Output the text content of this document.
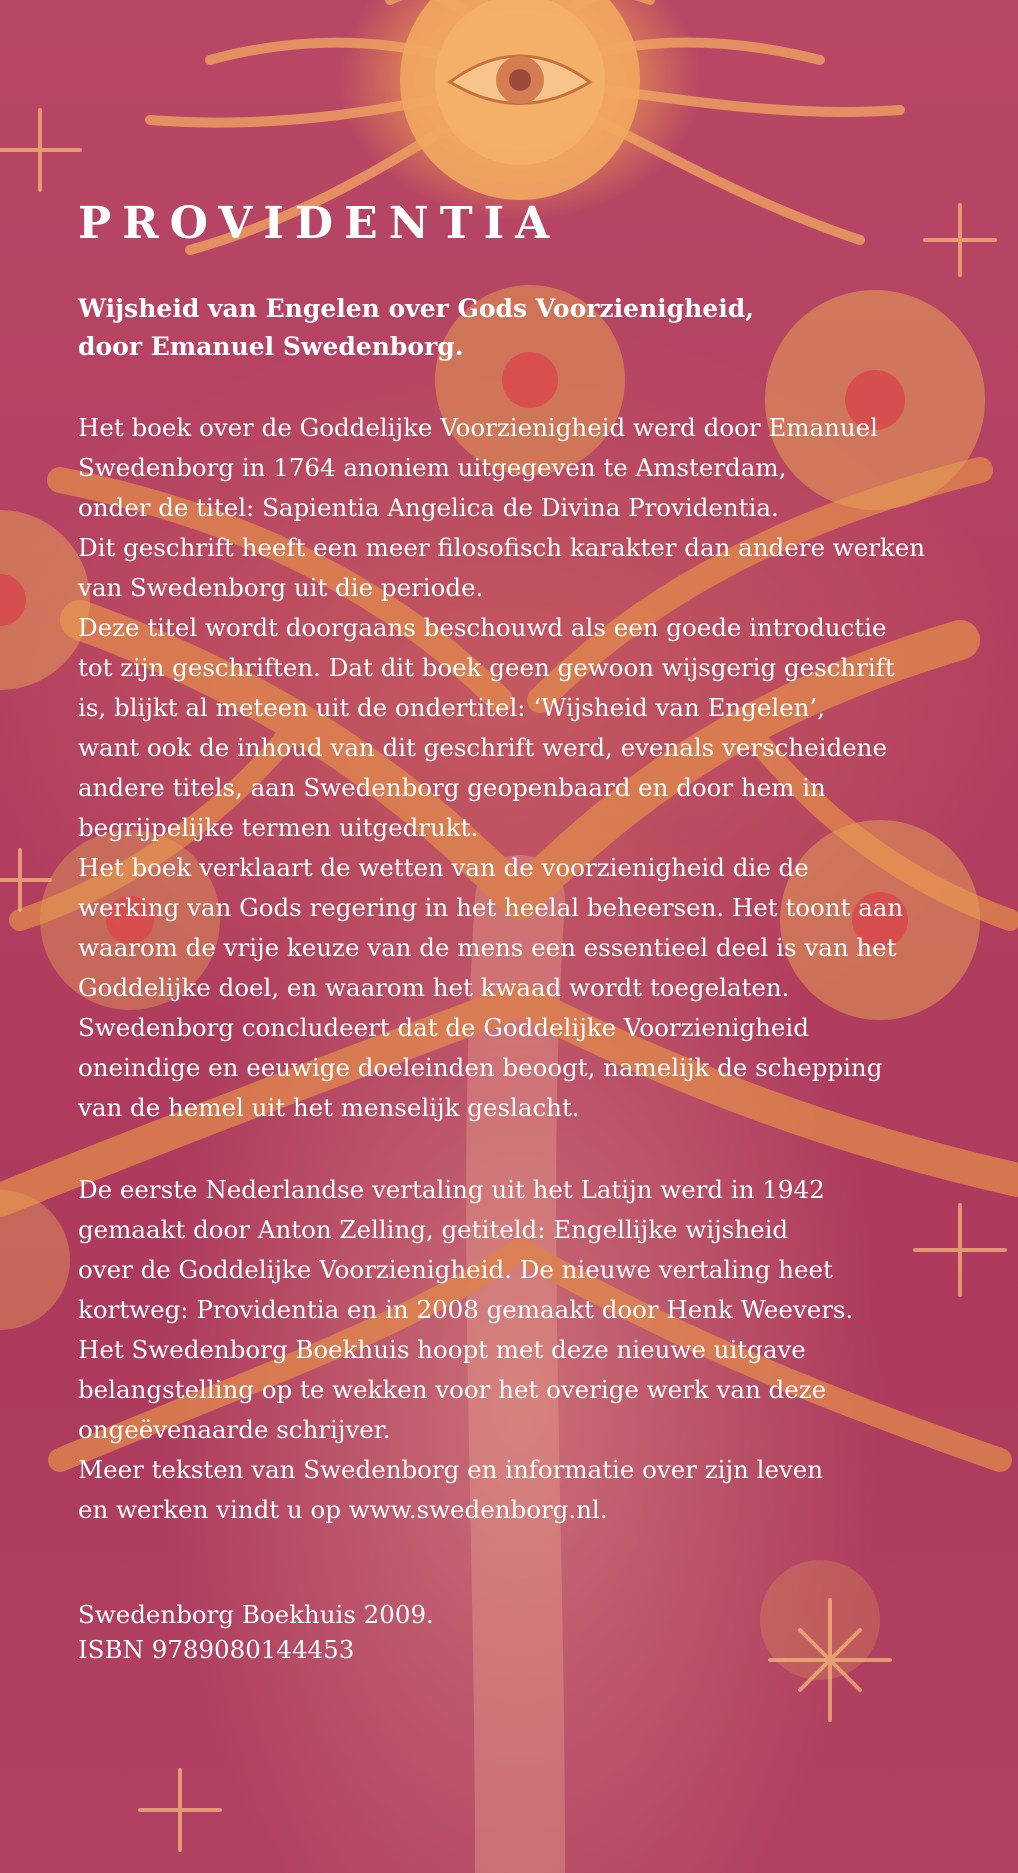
PROVIDENTIA

Wijsheid van Engelen over Gods Voorzienigheid,
door Emanuel Swedenborg.

Het boek over de Goddelijke Voorzienigheid werd door Emanuel
Swedenborg in 1764 anoniem uitgegeven te Amsterdam,
onder de titel: Sapientia Angelica de Divina Providentia.
Dit geschrift heeft een meer filosofisch karakter dan andere werken
van Swedenborg uit die periode.
Deze titel wordt doorgaans beschouwd als een goede introductie
tot zijn geschriften. Dat dit boek geen gewoon wijsgerig geschrift
is, blijkt al meteen uit de ondertitel: ‘Wijsheid van Engelen’,
want ook de inhoud van dit geschrift werd, evenals verscheidene
andere titels, aan Swedenborg geopenbaard en door hem in
begrijpelijke termen uitgedrukt.
Het boek verklaart de wetten van de voorzienigheid die de
werking van Gods regering in het heelal beheersen. Het toont aan
waarom de vrije keuze van de mens een essentieel deel is van het
Goddelijke doel, en waarom het kwaad wordt toegelaten.
Swedenborg concludeert dat de Goddelijke Voorzienigheid
oneindige en eeuwige doeleinden beoogt, namelijk de schepping
van de hemel uit het menselijk geslacht.

De eerste Nederlandse vertaling uit het Latijn werd in 1942
gemaakt door Anton Zelling, getiteld: Engellijke wijsheid
over de Goddelijke Voorzienigheid. De nieuwe vertaling heet
kortweg: Providentia en in 2008 gemaakt door Henk Weevers.
Het Swedenborg Boekhuis hoopt met deze nieuwe uitgave
belangstelling op te wekken voor het overige werk van deze
ongeëvenaarde schrijver.
Meer teksten van Swedenborg en informatie over zijn leven
en werken vindt u op www.swedenborg.nl.

Swedenborg Boekhuis 2009.
ISBN 9789080144453
